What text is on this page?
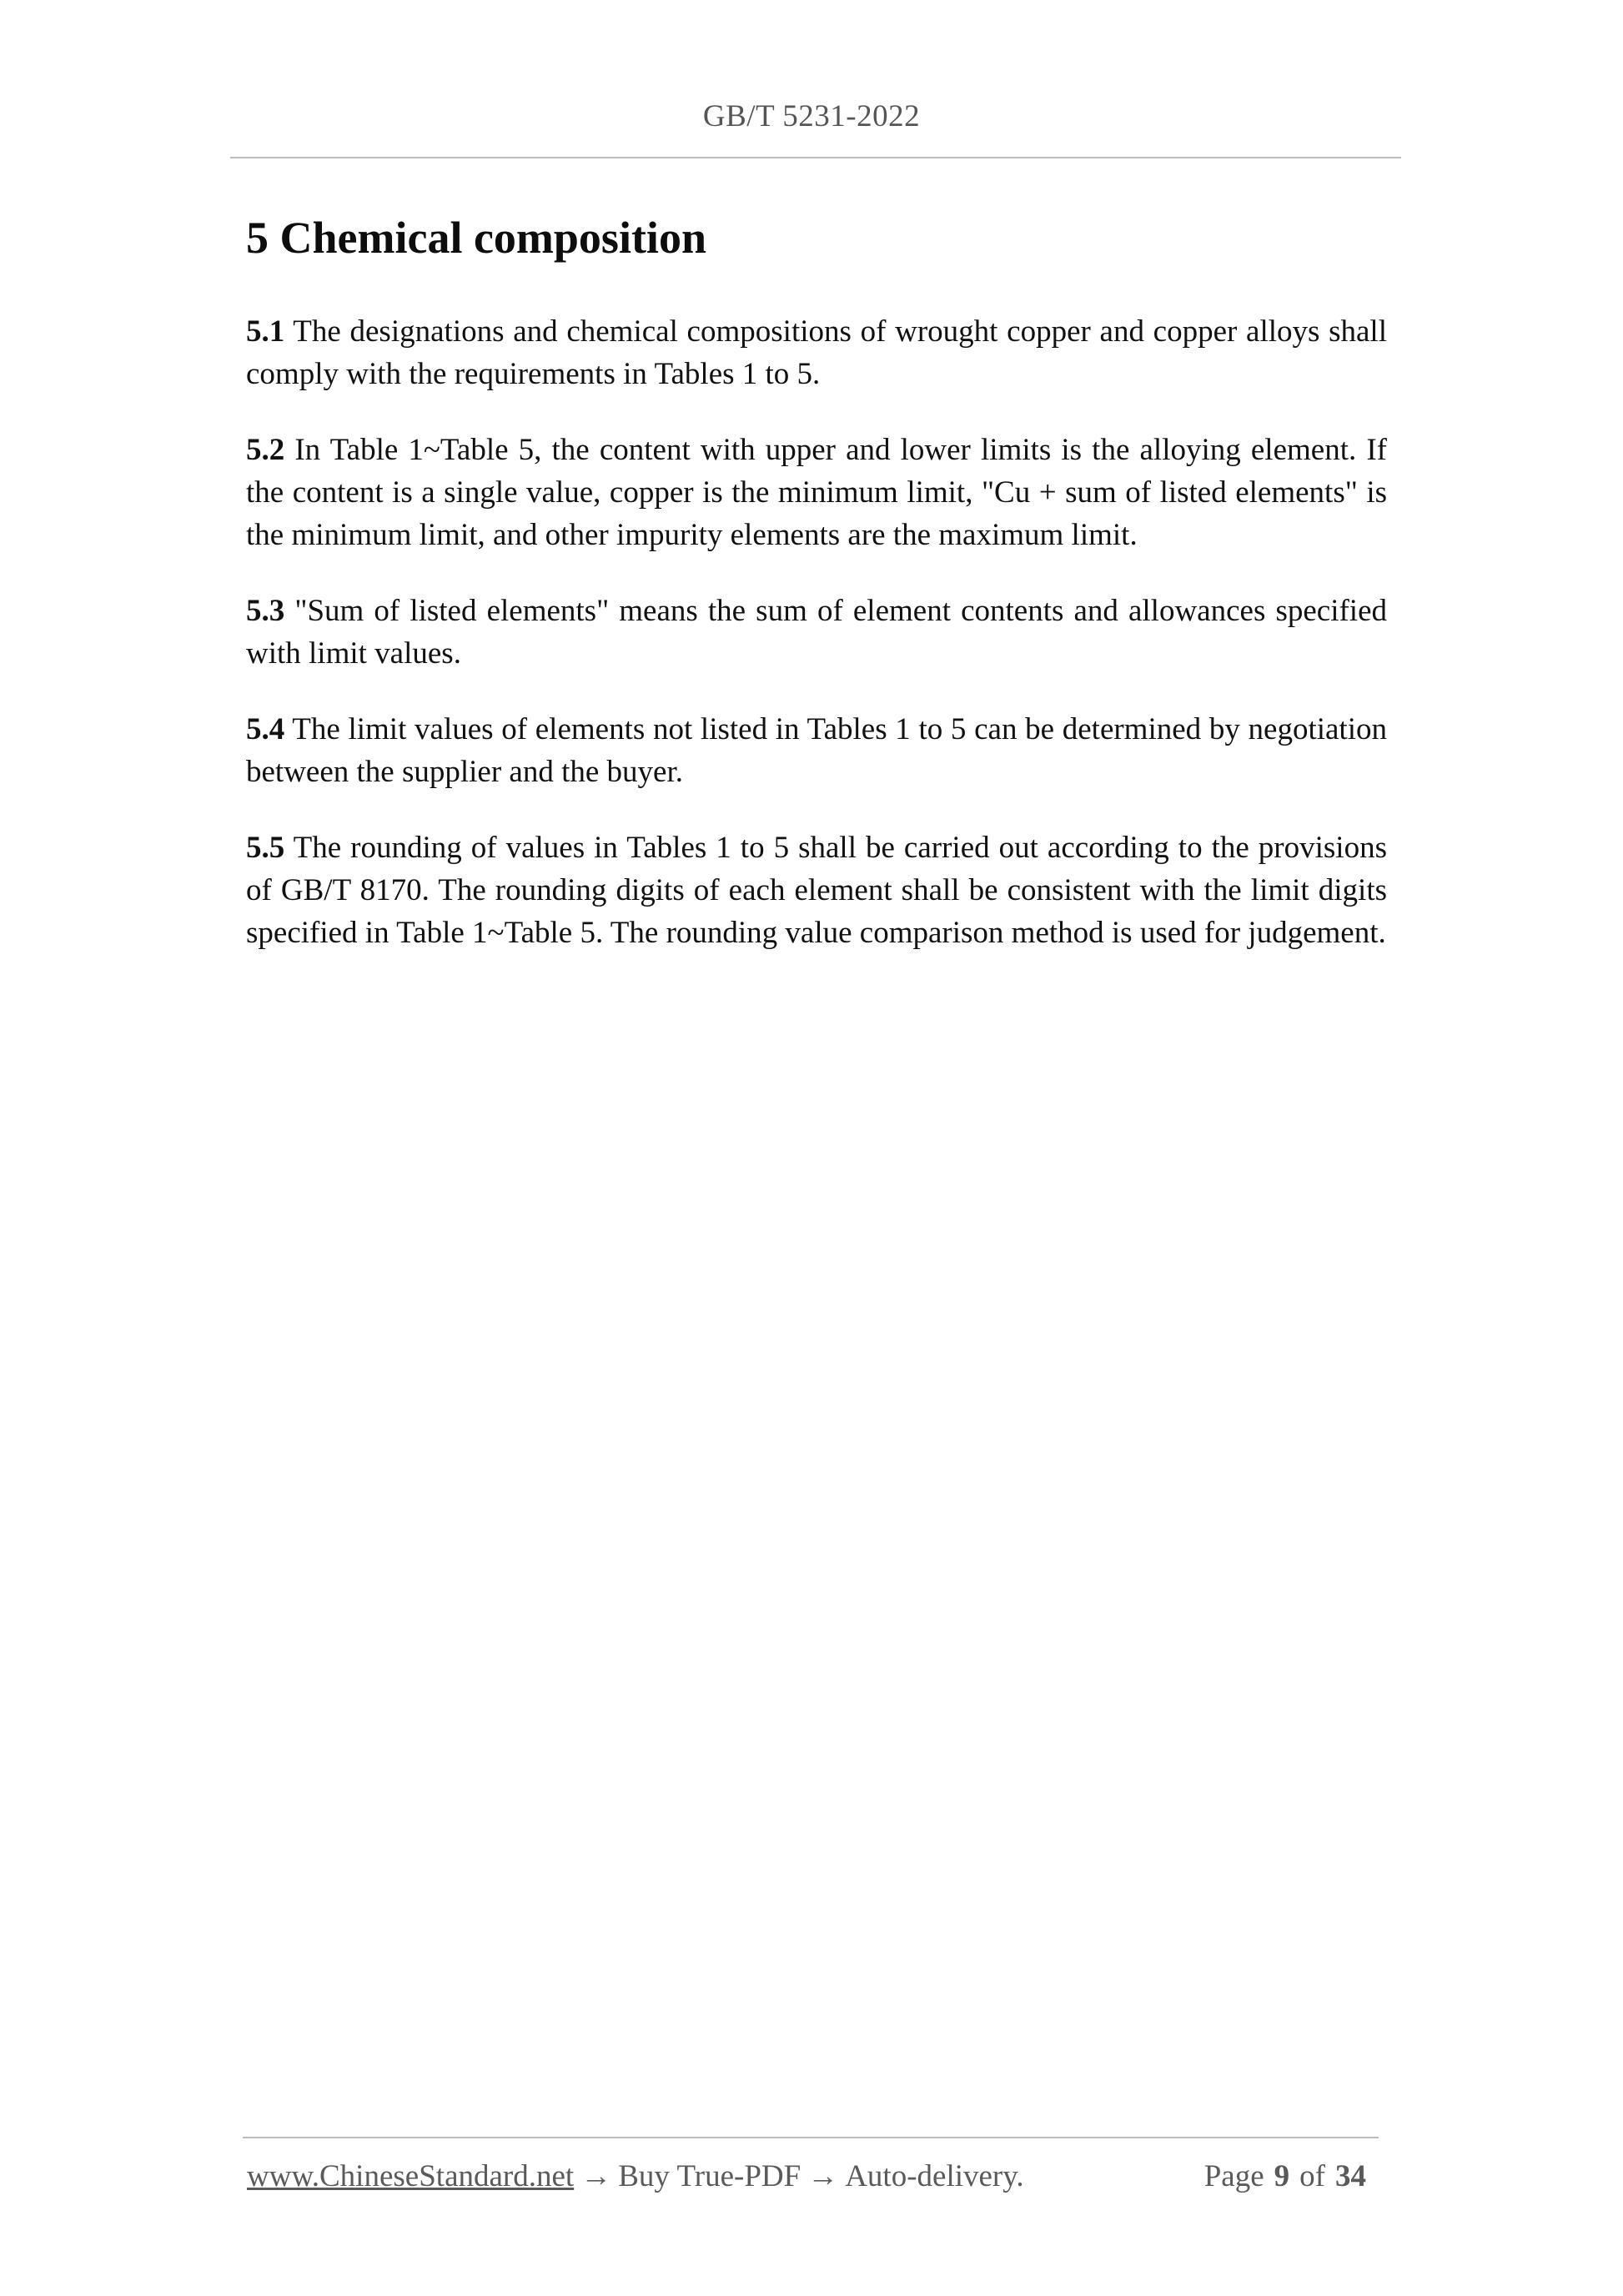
GB/T 5231-2022
5 Chemical composition

5.1 The designations and chemical compositions of wrought copper and copper alloys shall comply with the requirements in Tables 1 to 5.

5.2 In Table 1~Table 5, the content with upper and lower limits is the alloying element. If the content is a single value, copper is the minimum limit, "Cu + sum of listed elements" is the minimum limit, and other impurity elements are the maximum limit.

5.3 "Sum of listed elements" means the sum of element contents and allowances specified with limit values.

5.4 The limit values of elements not listed in Tables 1 to 5 can be determined by negotiation between the supplier and the buyer.

5.5 The rounding of values in Tables 1 to 5 shall be carried out according to the provisions of GB/T 8170. The rounding digits of each element shall be consistent with the limit digits specified in Table 1~Table 5. The rounding value comparison method is used for judgement.

www.ChineseStandard.net → Buy True-PDF → Auto-delivery.	Page 9 of 34
